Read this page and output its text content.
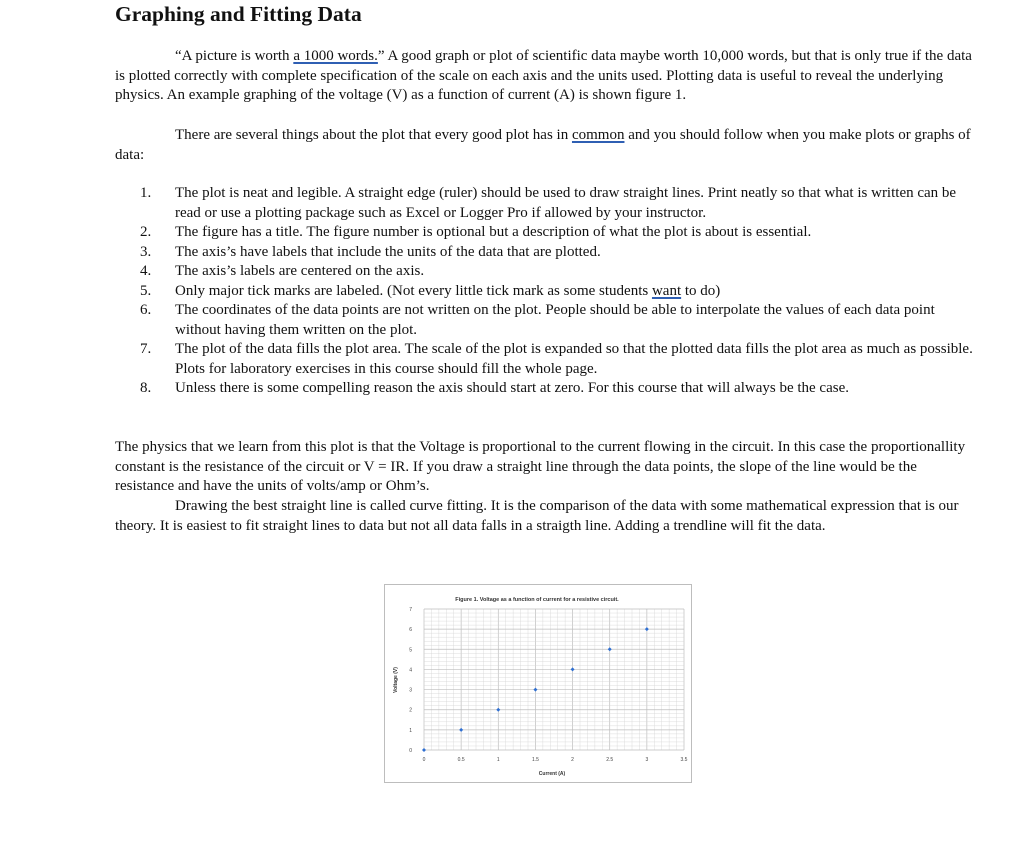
Graphing and Fitting Data

“A picture is worth a 1000 words.” A good graph or plot of scientific data maybe worth 10,000 words, but that is only true if the data is plotted correctly with complete specification of the scale on each axis and the units used. Plotting data is useful to reveal the underlying physics. An example graphing of the voltage (V) as a function of current (A) is shown figure 1.

There are several things about the plot that every good plot has in common and you should follow when you make plots or graphs of data:

1. The plot is neat and legible. A straight edge (ruler) should be used to draw straight lines. Print neatly so that what is written can be read or use a plotting package such as Excel or Logger Pro if allowed by your instructor.
2. The figure has a title. The figure number is optional but a description of what the plot is about is essential.
3. The axis’s have labels that include the units of the data that are plotted.
4. The axis’s labels are centered on the axis.
5. Only major tick marks are labeled. (Not every little tick mark as some students want to do)
6. The coordinates of the data points are not written on the plot. People should be able to interpolate the values of each data point without having them written on the plot.
7. The plot of the data fills the plot area. The scale of the plot is expanded so that the plotted data fills the plot area as much as possible. Plots for laboratory exercises in this course should fill the whole page.
8. Unless there is some compelling reason the axis should start at zero. For this course that will always be the case.

The physics that we learn from this plot is that the Voltage is proportional to the current flowing in the circuit. In this case the proportionallity constant is the resistance of the circuit or V = IR. If you draw a straight line through the data points, the slope of the line would be the resistance and have the units of volts/amp or Ohm’s.

Drawing the best straight line is called curve fitting. It is the comparison of the data with some mathematical expression that is our theory. It is easiest to fit straight lines to data but not all data falls in a straigth line. Adding a trendline will fit the data.

0	0.5	1	1.5	2	2.5	3	3.5
0
1
2
3
4
5
6
7
Figure 1. Voltage as a function of current for a resistive circuit.
Current (A)
Voltage (V)
